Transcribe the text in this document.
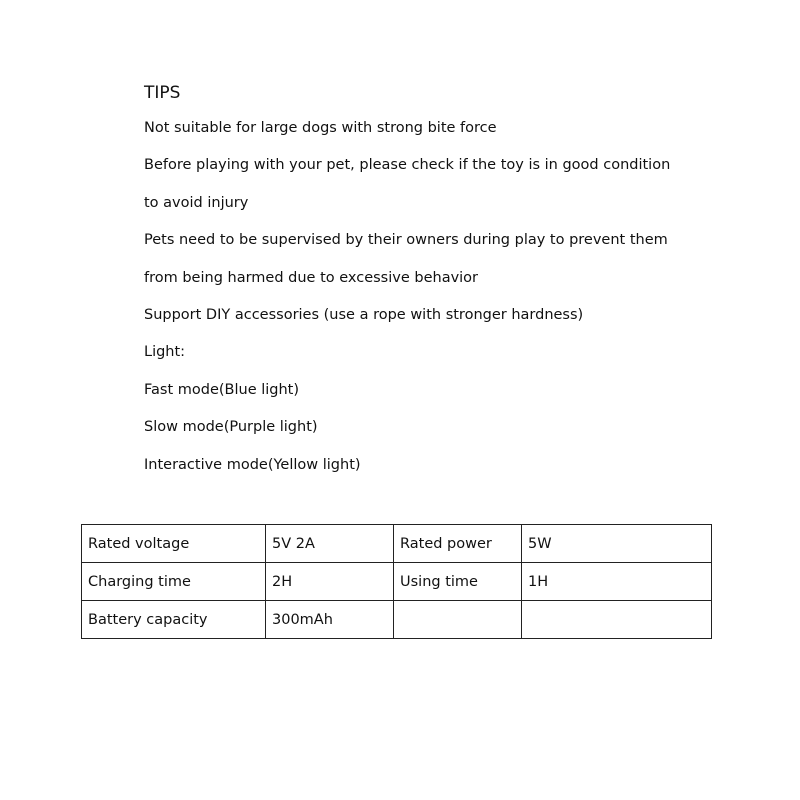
TIPS
Not suitable for large dogs with strong bite force
Before playing with your pet, please check if the toy is in good condition
to avoid injury
Pets need to be supervised by their owners during play to prevent them
from being harmed due to excessive behavior
Support DIY accessories (use a rope with stronger hardness)
Light:
Fast mode(Blue light)
Slow mode(Purple light)
Interactive mode(Yellow light)
Rated voltage	5V 2A	Rated power	5W
Charging time	2H	Using time	1H
Battery capacity	300mAh		
